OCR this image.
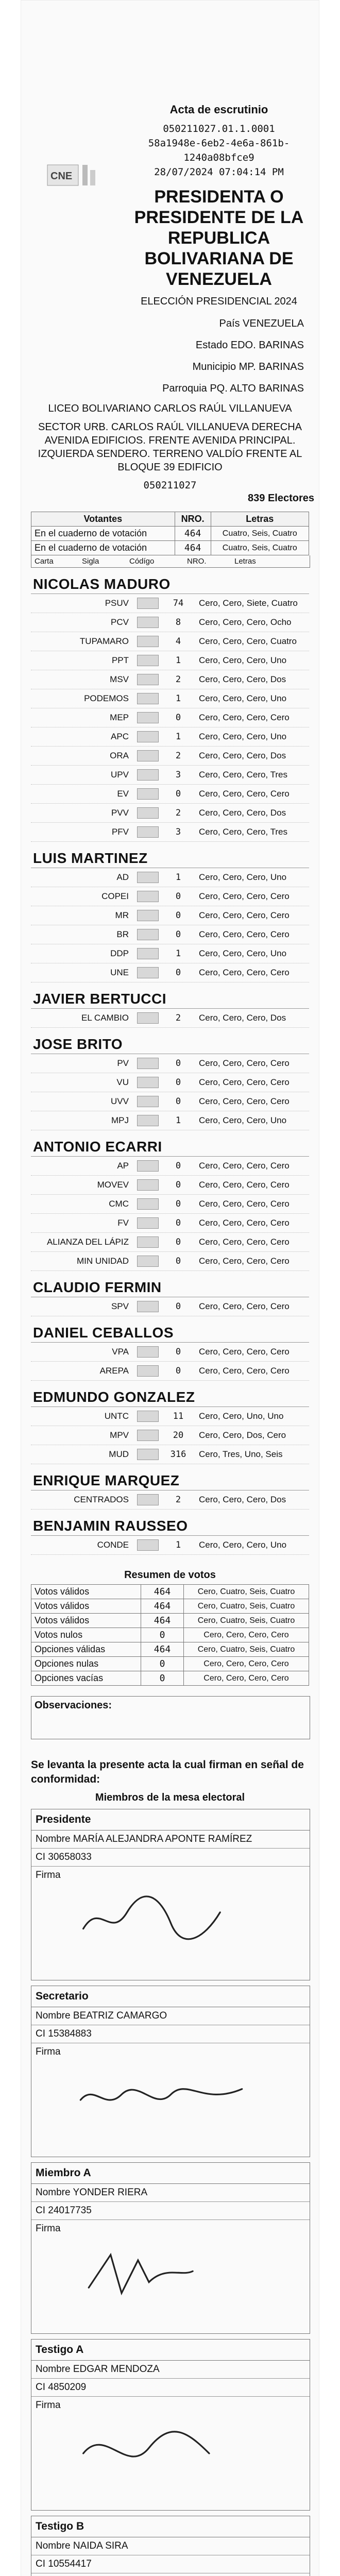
CNE
Acta de escrutinio
050211027.01.1.0001
58a1948e-6eb2-4e6a-861b-1240a08bfce9
28/07/2024 07:04:14 PM
PRESIDENTA O PRESIDENTE DE LA REPUBLICA BOLIVARIANA DE VENEZUELA
ELECCIÓN PRESIDENCIAL 2024
País VENEZUELA
Estado EDO. BARINAS
Municipio MP. BARINAS
Parroquia PQ. ALTO BARINAS
LICEO BOLIVARIANO CARLOS RAÚL VILLANUEVA
SECTOR URB. CARLOS RAÚL VILLANUEVA DERECHA AVENIDA EDIFICIOS. FRENTE AVENIDA PRINCIPAL. IZQUIERDA SENDERO. TERRENO VALDÍO FRENTE AL BLOQUE 39 EDIFICIO
050211027
839 Electores
Votantes	NRO.	Letras
En el cuaderno de votación	464	Cuatro, Seis, Cuatro
En el cuaderno de votación	464	Cuatro, Seis, Cuatro
Carta	Sigla	Códígo	NRO.	Letras
NICOLAS MADURO
PSUV	74	Cero, Cero, Siete, Cuatro
PCV	8	Cero, Cero, Cero, Ocho
TUPAMARO	4	Cero, Cero, Cero, Cuatro
PPT	1	Cero, Cero, Cero, Uno
MSV	2	Cero, Cero, Cero, Dos
PODEMOS	1	Cero, Cero, Cero, Uno
MEP	0	Cero, Cero, Cero, Cero
APC	1	Cero, Cero, Cero, Uno
ORA	2	Cero, Cero, Cero, Dos
UPV	3	Cero, Cero, Cero, Tres
EV	0	Cero, Cero, Cero, Cero
PVV	2	Cero, Cero, Cero, Dos
PFV	3	Cero, Cero, Cero, Tres
LUIS MARTINEZ
AD	1	Cero, Cero, Cero, Uno
COPEI	0	Cero, Cero, Cero, Cero
MR	0	Cero, Cero, Cero, Cero
BR	0	Cero, Cero, Cero, Cero
DDP	1	Cero, Cero, Cero, Uno
UNE	0	Cero, Cero, Cero, Cero
JAVIER BERTUCCI
EL CAMBIO	2	Cero, Cero, Cero, Dos
JOSE BRITO
PV	0	Cero, Cero, Cero, Cero
VU	0	Cero, Cero, Cero, Cero
UVV	0	Cero, Cero, Cero, Cero
MPJ	1	Cero, Cero, Cero, Uno
ANTONIO ECARRI
AP	0	Cero, Cero, Cero, Cero
MOVEV	0	Cero, Cero, Cero, Cero
CMC	0	Cero, Cero, Cero, Cero
FV	0	Cero, Cero, Cero, Cero
ALIANZA DEL LÁPIZ	0	Cero, Cero, Cero, Cero
MIN UNIDAD	0	Cero, Cero, Cero, Cero
CLAUDIO FERMIN
SPV	0	Cero, Cero, Cero, Cero
DANIEL CEBALLOS
VPA	0	Cero, Cero, Cero, Cero
AREPA	0	Cero, Cero, Cero, Cero
EDMUNDO GONZALEZ
UNTC	11	Cero, Cero, Uno, Uno
MPV	20	Cero, Cero, Dos, Cero
MUD	316	Cero, Tres, Uno, Seis
ENRIQUE MARQUEZ
CENTRADOS	2	Cero, Cero, Cero, Dos
BENJAMIN RAUSSEO
CONDE	1	Cero, Cero, Cero, Uno
Resumen de votos
Votos válidos	464	Cero, Cuatro, Seis, Cuatro
Votos válidos	464	Cero, Cuatro, Seis, Cuatro
Votos válidos	464	Cero, Cuatro, Seis, Cuatro
Votos nulos	0	Cero, Cero, Cero, Cero
Opciones válidas	464	Cero, Cuatro, Seis, Cuatro
Opciones nulas	0	Cero, Cero, Cero, Cero
Opciones vacías	0	Cero, Cero, Cero, Cero
Observaciones:
Se levanta la presente acta la cual firman en señal de conformidad:
Miembros de la mesa electoral
Presidente
Nombre MARÍA ALEJANDRA APONTE RAMÍREZ
CI 30658033
Firma
Secretario
Nombre BEATRIZ CAMARGO
CI 15384883
Firma
Miembro A
Nombre YONDER RIERA
CI 24017735
Firma
Testigo A
Nombre EDGAR MENDOZA
CI 4850209
Firma
Testigo B
Nombre NAIDA SIRA
CI 10554417
